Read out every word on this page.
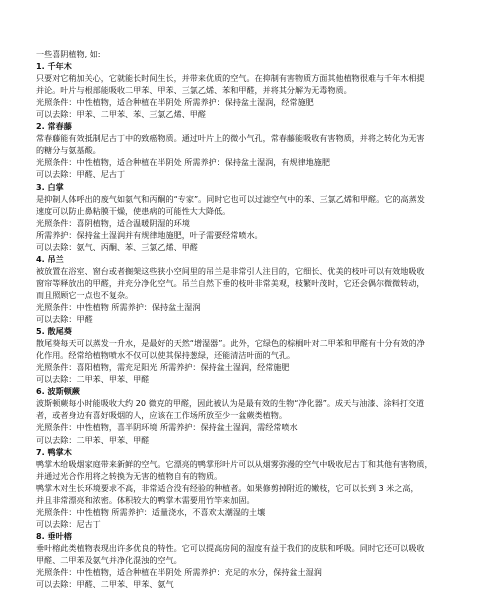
一些喜阴植物, 如:
1. 千年木
只要对它稍加关心，它就能长时间生长，并带来优质的空气。在抑制有害物质方面其他植物很难与千年木相提
并论。叶片与根部能吸收二甲苯、甲苯、三氯乙烯、苯和甲醛，并将其分解为无毒物质。
光照条件：中性植物，适合种植在半阴处 所需养护：保持盆土湿润，经常施肥
可以去除：甲苯、二甲苯、苯、三氯乙烯、甲醛
2. 常春藤
常春藤能有效抵制尼古丁中的致癌物质。通过叶片上的微小气孔，常春藤能吸收有害物质，并将之转化为无害
的糖分与氨基酸。
光照条件：中性植物，适合种植在半阴处 所需养护：保持盆土湿润，有规律地施肥
可以去除：甲醛、尼古丁
3. 白掌
是抑制人体呼出的废气如氨气和丙酮的“专家”。同时它也可以过滤空气中的苯、三氯乙烯和甲醛。它的高蒸发
速度可以防止鼻粘膜干燥，使患病的可能性大大降低。
光照条件：喜阴植物，适合温暖阴湿的环境
所需养护：保持盆土湿润并有规律地施肥，叶子需要经常喷水。
可以去除：氨气、丙酮、苯、三氯乙烯、甲醛
4. 吊兰
被放置在浴室、窗台或者搁架这些狭小空间里的吊兰是非常引人注目的，它细长、优美的枝叶可以有效地吸收
窗帘等释放出的甲醛，并充分净化空气。吊兰自然下垂的枝叶非常美观，枝繁叶茂时，它还会偶尔微微转动，
而且照顾它一点也不复杂。
光照条件：中性植物 所需养护：保持盆土湿润
可以去除：甲醛
5. 散尾葵
散尾葵每天可以蒸发一升水，是最好的天然“增湿器”。此外，它绿色的棕榈叶对二甲苯和甲醛有十分有效的净
化作用。经常给植物喷水不仅可以使其保持葱绿，还能清洁叶面的气孔。
光照条件：喜阳植物，需充足阳光 所需养护：保持盆土湿润，经常施肥
可以去除：二甲苯、甲苯、甲醛
6. 波斯顿蕨
波斯顿蕨每小时能吸收大约 20 微克的甲醛，因此被认为是最有效的生物“净化器”。成天与油漆、涂料打交道
者，或者身边有喜好吸烟的人，应该在工作场所放至少一盆蕨类植物。
光照条件：中性植物，喜半阴环境 所需养护：保持盆土湿润，需经常喷水
可以去除：二甲苯、甲苯、甲醛
7. 鸭掌木
鸭掌木给吸烟家庭带来新鲜的空气。它漂亮的鸭掌形叶片可以从烟雾弥漫的空气中吸收尼古丁和其他有害物质，
并通过光合作用将之转换为无害的植物自有的物质。
鸭掌木对生长环境要求不高，非常适合没有经验的种植者。如果修剪掉附近的嫩枝，它可以长到 3 米之高，
并且非常漂亮和浓密。体积较大的鸭掌木需要用竹竿来加固。
光照条件：中性植物 所需养护：适量浇水，不喜欢太潮湿的土壤
可以去除：尼古丁
8. 垂叶榕
垂叶榕此类植物表现出许多优良的特性。它可以提高房间的湿度有益于我们的皮肤和呼吸。同时它还可以吸收
甲醛、二甲苯及氨气并净化混浊的空气。
光照条件：中性植物，适合种植在半阴处 所需养护：充足的水分，保持盆土湿润
可以去除：甲醛、二甲苯、甲苯、氨气
